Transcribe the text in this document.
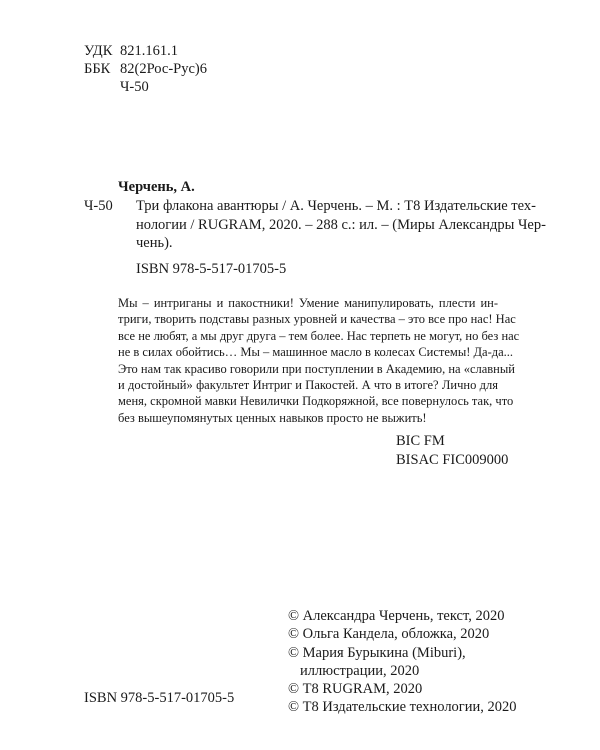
УДК 821.161.1
ББК 82(2Рос-Рус)6
Ч-50
Черчень, А.
Ч-50 Три флакона авантюры / А. Черчень. – М. : Т8 Издательские тех-
нологии / RUGRAM, 2020. – 288 с.: ил. – (Миры Александры Чер-
чень).
ISBN 978-5-517-01705-5
Мы – интриганы и пакостники! Умение манипулировать, плести ин-
триги, творить подставы разных уровней и качества – это все про нас! Нас
все не любят, а мы друг друга – тем более. Нас терпеть не могут, но без нас
не в силах обойтись… Мы – машинное масло в колесах Системы! Да-да...
Это нам так красиво говорили при поступлении в Академию, на «славный
и достойный» факультет Интриг и Пакостей. А что в итоге? Лично для
меня, скромной мавки Невилички Подкоряжной, все повернулось так, что
без вышеупомянутых ценных навыков просто не выжить!
BIC FM
BISAC FIC009000
ISBN 978-5-517-01705-5
© Александра Черчень, текст, 2020
© Ольга Кандела, обложка, 2020
© Мария Бурыкина (Miburi),
иллюстрации, 2020
© Т8 RUGRAM, 2020
© Т8 Издательские технологии, 2020
